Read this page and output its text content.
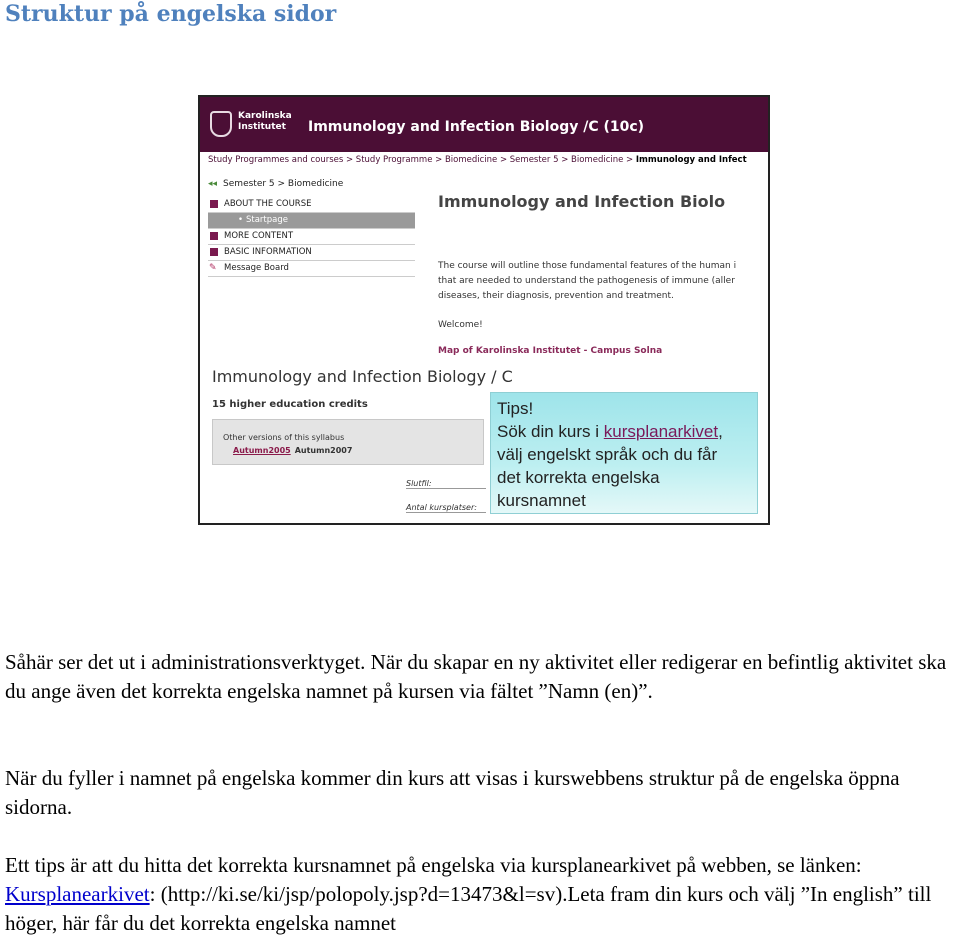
Struktur på engelska sidor
Karolinska
Institutet	Immunology and Infection Biology /C (10c)
Study Programmes and courses > Study Programme > Biomedicine > Semester 5 > Biomedicine > Immunology and Infect
◂◂ Semester 5 > Biomedicine
ABOUT THE COURSE
• Startpage
MORE CONTENT
BASIC INFORMATION
✎ Message Board
Immunology and Infection Biolo
The course will outline those fundamental features of the human i
that are needed to understand the pathogenesis of immune (aller
diseases, their diagnosis, prevention and treatment.
Welcome!
Map of Karolinska Institutet - Campus Solna
Immunology and Infection Biology / C
15 higher education credits
Other versions of this syllabus
Autumn2005 Autumn2007
Slutfil:
Antal kursplatser:

Tips!

Sök din kurs i kursplanarkivet,

välj engelskt språk och du får

det korrekta engelska

kursnamnet

Såhär ser det ut i administrationsverktyget. När du skapar en ny aktivitet eller redigerar en befintlig aktivitet ska du ange även det korrekta engelska namnet på kursen via fältet ”Namn (en)”.

När du fyller i namnet på engelska kommer din kurs att visas i kurswebbens struktur på de engelska öppna sidorna.

Ett tips är att du hitta det korrekta kursnamnet på engelska via kursplanearkivet på webben, se länken: Kursplanearkivet: (http://ki.se/ki/jsp/polopoly.jsp?d=13473&l=sv).Leta fram din kurs och välj ”In english” till höger, här får du det korrekta engelska namnet
